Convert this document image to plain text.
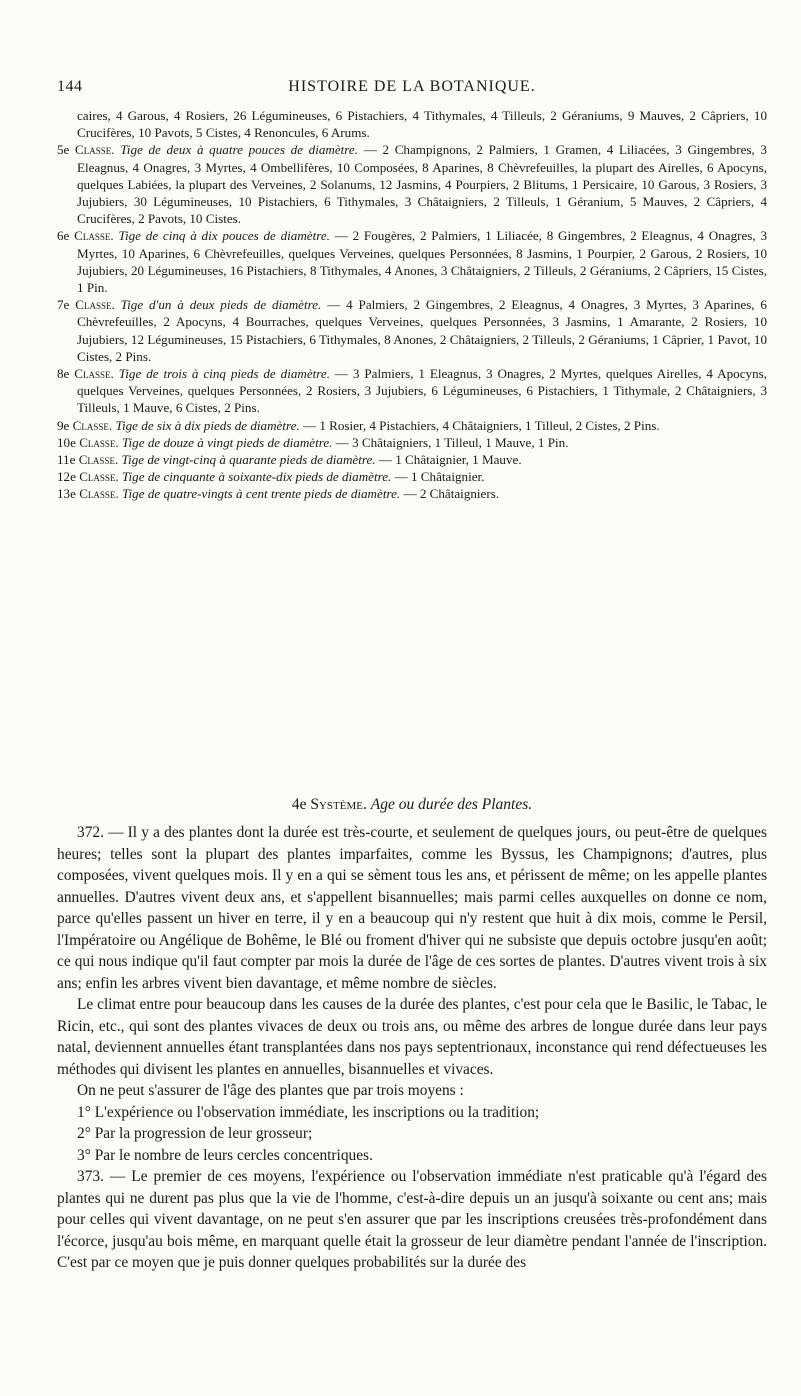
144	HISTOIRE DE LA BOTANIQUE.

caires, 4 Garous, 4 Rosiers, 26 Légumineuses, 6 Pistachiers, 4 Tithymales, 4 Tilleuls, 2 Géraniums, 9 Mauves, 2 Câpriers, 10 Crucifères, 10 Pavots, 5 Cistes, 4 Renoncules, 6 Arums.

5e Classe. Tige de deux à quatre pouces de diamètre. — 2 Champignons, 2 Palmiers, 1 Gramen, 4 Liliacées, 3 Gingembres, 3 Eleagnus, 4 Onagres, 3 Myrtes, 4 Ombellifères, 10 Composées, 8 Aparines, 8 Chèvrefeuilles, la plupart des Airelles, 6 Apocyns, quelques Labiées, la plupart des Verveines, 2 Solanums, 12 Jasmins, 4 Pourpiers, 2 Blitums, 1 Persicaire, 10 Garous, 3 Rosiers, 3 Jujubiers, 30 Légumineuses, 10 Pistachiers, 6 Tithymales, 3 Châtaigniers, 2 Tilleuls, 1 Géranium, 5 Mauves, 2 Câpriers, 4 Crucifères, 2 Pavots, 10 Cistes.

6e Classe. Tige de cinq à dix pouces de diamètre. — 2 Fougères, 2 Palmiers, 1 Liliacée, 8 Gingembres, 2 Eleagnus, 4 Onagres, 3 Myrtes, 10 Aparines, 6 Chèvrefeuilles, quelques Verveines, quelques Personnées, 8 Jasmins, 1 Pourpier, 2 Garous, 2 Rosiers, 10 Jujubiers, 20 Légumineuses, 16 Pistachiers, 8 Tithymales, 4 Anones, 3 Châtaigniers, 2 Tilleuls, 2 Géraniums, 2 Câpriers, 15 Cistes, 1 Pin.

7e Classe. Tige d'un à deux pieds de diamètre. — 4 Palmiers, 2 Gingembres, 2 Eleagnus, 4 Onagres, 3 Myrtes, 3 Aparines, 6 Chèvrefeuilles, 2 Apocyns, 4 Bourraches, quelques Verveines, quelques Personnées, 3 Jasmins, 1 Amarante, 2 Rosiers, 10 Jujubiers, 12 Légumineuses, 15 Pistachiers, 6 Tithymales, 8 Anones, 2 Châtaigniers, 2 Tilleuls, 2 Géraniums, 1 Câprier, 1 Pavot, 10 Cistes, 2 Pins.

8e Classe. Tige de trois à cinq pieds de diamètre. — 3 Palmiers, 1 Eleagnus, 3 Onagres, 2 Myrtes, quelques Airelles, 4 Apocyns, quelques Verveines, quelques Personnées, 2 Rosiers, 3 Jujubiers, 6 Légumineuses, 6 Pistachiers, 1 Tithymale, 2 Châtaigniers, 3 Tilleuls, 1 Mauve, 6 Cistes, 2 Pins.

9e Classe. Tige de six à dix pieds de diamètre. — 1 Rosier, 4 Pistachiers, 4 Châtaigniers, 1 Tilleul, 2 Cistes, 2 Pins.

10e Classe. Tige de douze à vingt pieds de diamètre. — 3 Châtaigniers, 1 Tilleul, 1 Mauve, 1 Pin.

11e Classe. Tige de vingt-cinq à quarante pieds de diamètre. — 1 Châtaignier, 1 Mauve.

12e Classe. Tige de cinquante à soixante-dix pieds de diamètre. — 1 Châtaignier.

13e Classe. Tige de quatre-vingts à cent trente pieds de diamètre. — 2 Châtaigniers.

4e Système. Age ou durée des Plantes.

372. — Il y a des plantes dont la durée est très-courte, et seulement de quelques jours, ou peut-être de quelques heures; telles sont la plupart des plantes imparfaites, comme les Byssus, les Champignons; d'autres, plus composées, vivent quelques mois. Il y en a qui se sèment tous les ans, et périssent de même; on les appelle plantes annuelles. D'autres vivent deux ans, et s'appellent bisannuelles; mais parmi celles auxquelles on donne ce nom, parce qu'elles passent un hiver en terre, il y en a beaucoup qui n'y restent que huit à dix mois, comme le Persil, l'Impératoire ou Angélique de Bohême, le Blé ou froment d'hiver qui ne subsiste que depuis octobre jusqu'en août; ce qui nous indique qu'il faut compter par mois la durée de l'âge de ces sortes de plantes. D'autres vivent trois à six ans; enfin les arbres vivent bien davantage, et même nombre de siècles.

Le climat entre pour beaucoup dans les causes de la durée des plantes, c'est pour cela que le Basilic, le Tabac, le Ricin, etc., qui sont des plantes vivaces de deux ou trois ans, ou même des arbres de longue durée dans leur pays natal, deviennent annuelles étant transplantées dans nos pays septentrionaux, inconstance qui rend défectueuses les méthodes qui divisent les plantes en annuelles, bisannuelles et vivaces.

On ne peut s'assurer de l'âge des plantes que par trois moyens :

1° L'expérience ou l'observation immédiate, les inscriptions ou la tradition;

2° Par la progression de leur grosseur;

3° Par le nombre de leurs cercles concentriques.

373. — Le premier de ces moyens, l'expérience ou l'observation immédiate n'est praticable qu'à l'égard des plantes qui ne durent pas plus que la vie de l'homme, c'est-à-dire depuis un an jusqu'à soixante ou cent ans; mais pour celles qui vivent davantage, on ne peut s'en assurer que par les inscriptions creusées très-profondément dans l'écorce, jusqu'au bois même, en marquant quelle était la grosseur de leur diamètre pendant l'année de l'inscription. C'est par ce moyen que je puis donner quelques probabilités sur la durée des
